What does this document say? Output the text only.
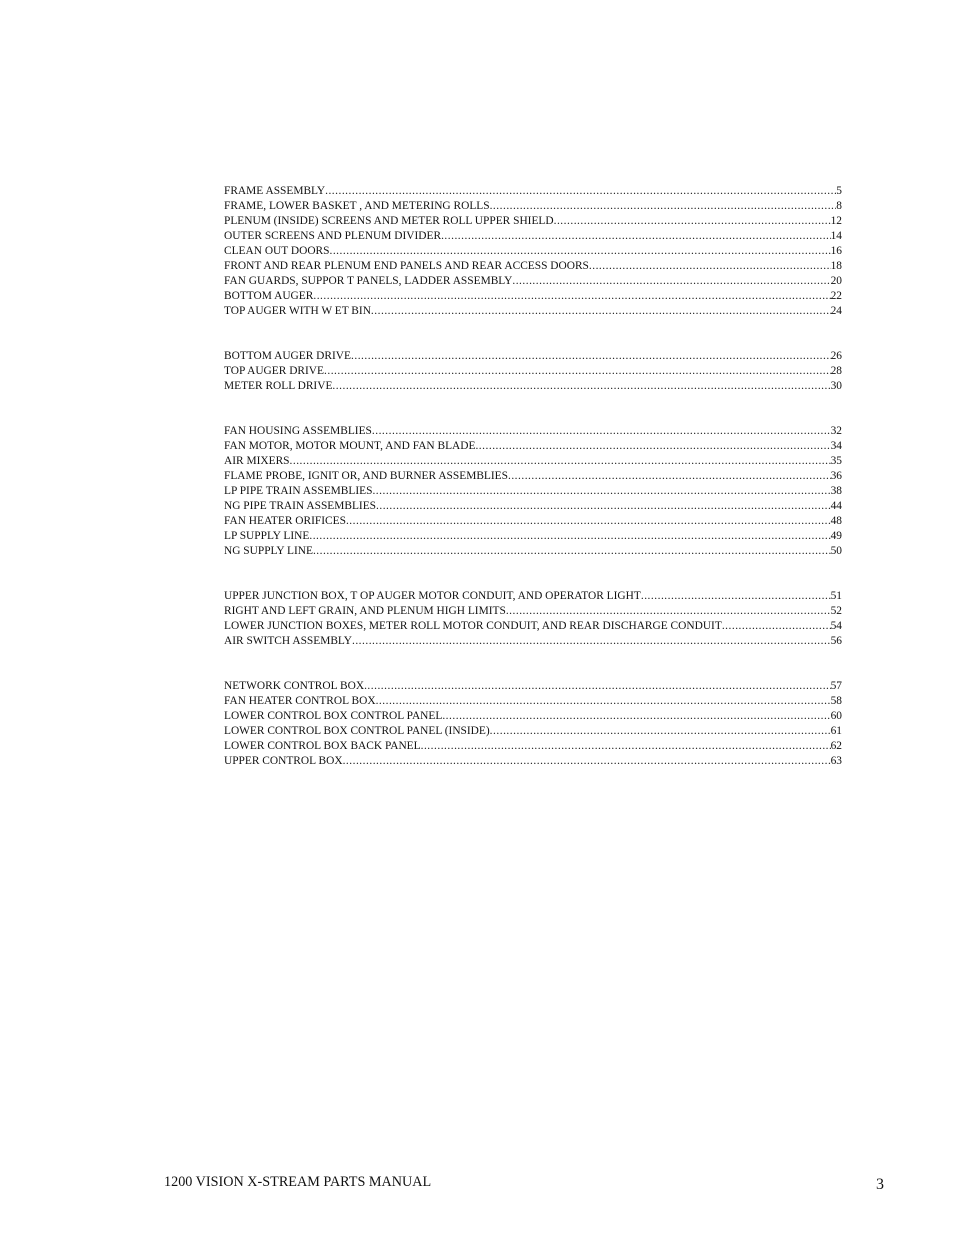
FRAME ASSEMBLY .....	5
FRAME, LOWER BASKET , AND METERING ROLLS .....	8
PLENUM (INSIDE) SCREENS AND METER ROLL UPPER SHIELD .....	12
OUTER SCREENS AND PLENUM DIVIDER .....	14
CLEAN OUT DOORS .....	16
FRONT AND REAR PLENUM END PANELS AND REAR ACCESS DOORS .....	18
FAN GUARDS, SUPPOR T PANELS, LADDER ASSEMBLY .....	20
BOTTOM AUGER .....	22
TOP AUGER WITH W ET BIN .....	24
BOTTOM AUGER DRIVE .....	26
TOP AUGER DRIVE .....	28
METER ROLL DRIVE .....	30
FAN HOUSING ASSEMBLIES .....	32
FAN MOTOR, MOTOR MOUNT, AND FAN BLADE .....	34
AIR MIXERS .....	35
FLAME PROBE, IGNIT OR, AND BURNER ASSEMBLIES .....	36
LP PIPE TRAIN ASSEMBLIES .....	38
NG PIPE TRAIN ASSEMBLIES .....	44
FAN HEATER ORIFICES .....	48
LP SUPPLY LINE .....	49
NG SUPPLY LINE .....	50
UPPER JUNCTION BOX, T OP AUGER MOTOR CONDUIT, AND OPERATOR LIGHT .....	51
RIGHT AND LEFT GRAIN, AND PLENUM HIGH LIMITS .....	52
LOWER JUNCTION BOXES, METER ROLL MOTOR CONDUIT, AND REAR DISCHARGE CONDUIT .....	54
AIR SWITCH ASSEMBLY .....	56
NETWORK CONTROL BOX .....	57
FAN HEATER CONTROL BOX .....	58
LOWER CONTROL BOX CONTROL PANEL .....	60
LOWER CONTROL BOX CONTROL PANEL (INSIDE) .....	61
LOWER CONTROL BOX BACK PANEL .....	62
UPPER CONTROL BOX .....	63
1200 VISION X-STREAM PARTS MANUAL	3
